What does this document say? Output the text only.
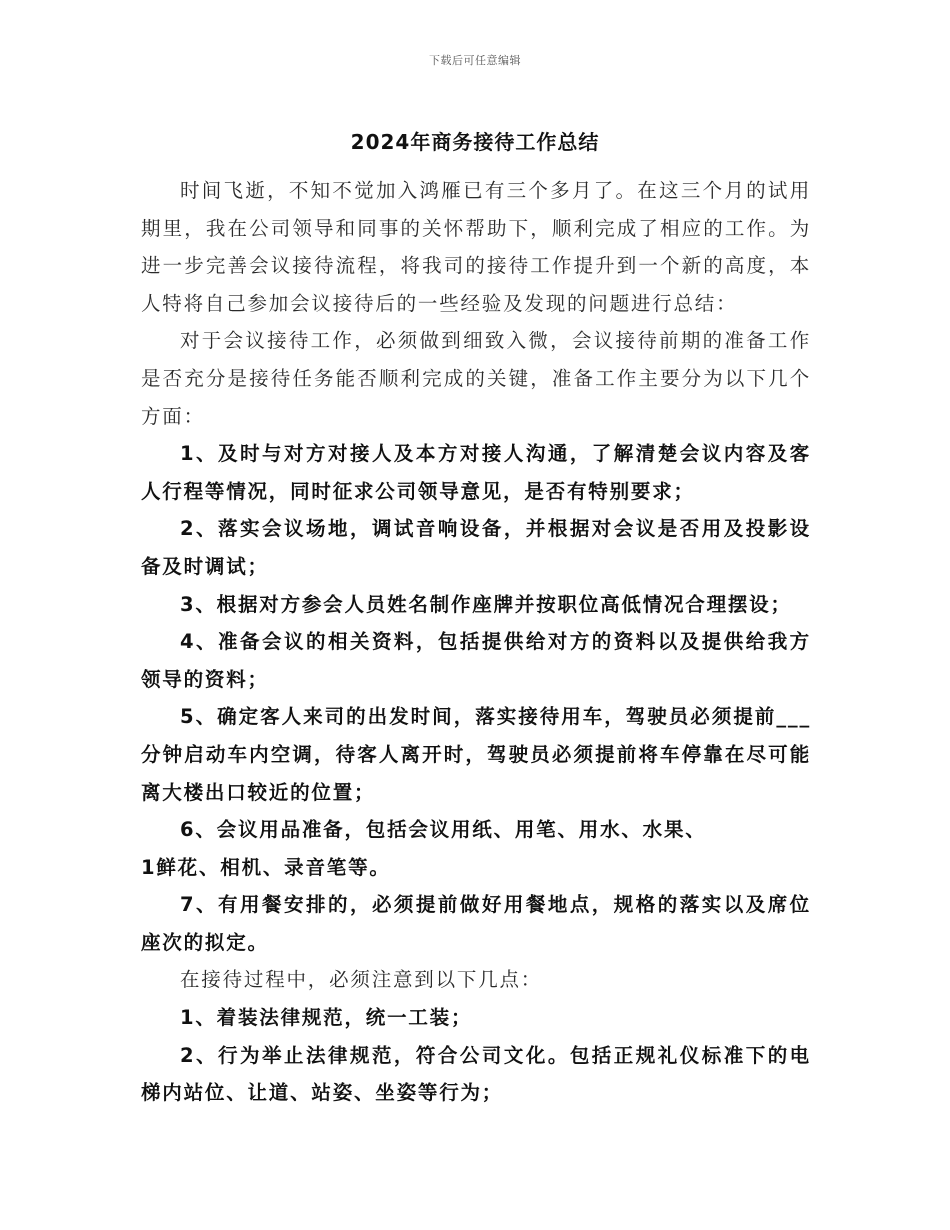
下载后可任意编辑
2024年商务接待工作总结

时间飞逝，不知不觉加入鸿雁已有三个多月了。在这三个月的试用期里，我在公司领导和同事的关怀帮助下，顺利完成了相应的工作。为进一步完善会议接待流程，将我司的接待工作提升到一个新的高度，本人特将自己参加会议接待后的一些经验及发现的问题进行总结：

对于会议接待工作，必须做到细致入微，会议接待前期的准备工作是否充分是接待任务能否顺利完成的关键，准备工作主要分为以下几个方面：

1、及时与对方对接人及本方对接人沟通，了解清楚会议内容及客人行程等情况，同时征求公司领导意见，是否有特别要求；

2、落实会议场地，调试音响设备，并根据对会议是否用及投影设备及时调试；

3、根据对方参会人员姓名制作座牌并按职位高低情况合理摆设；

4、准备会议的相关资料，包括提供给对方的资料以及提供给我方领导的资料；

5、确定客人来司的出发时间，落实接待用车，驾驶员必须提前___分钟启动车内空调，待客人离开时，驾驶员必须提前将车停靠在尽可能离大楼出口较近的位置；

6、会议用品准备，包括会议用纸、用笔、用水、水果、

1鲜花、相机、录音笔等。

7、有用餐安排的，必须提前做好用餐地点，规格的落实以及席位座次的拟定。

在接待过程中，必须注意到以下几点：

1、着装法律规范，统一工装；

2、行为举止法律规范，符合公司文化。包括正规礼仪标准下的电梯内站位、让道、站姿、坐姿等行为；
